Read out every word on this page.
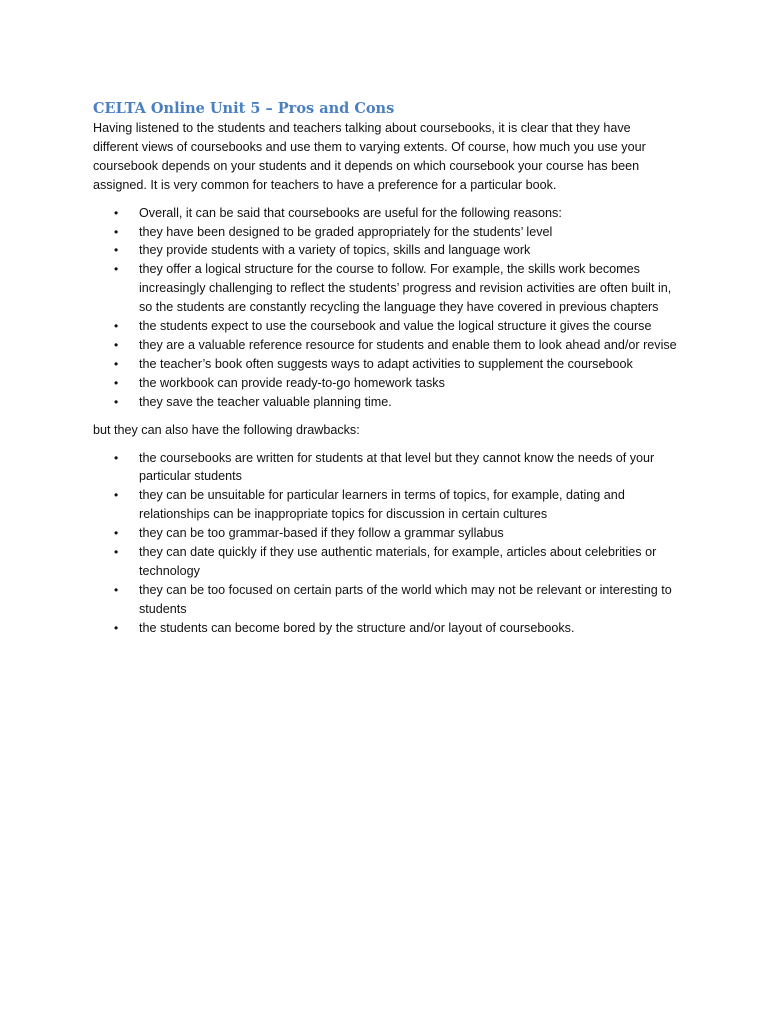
CELTA Online Unit 5 – Pros and Cons

Having listened to the students and teachers talking about coursebooks, it is clear that they have different views of coursebooks and use them to varying extents. Of course, how much you use your coursebook depends on your students and it depends on which coursebook your course has been assigned. It is very common for teachers to have a preference for a particular book.

• Overall, it can be said that coursebooks are useful for the following reasons:
• they have been designed to be graded appropriately for the students’ level
• they provide students with a variety of topics, skills and language work
• they offer a logical structure for the course to follow. For example, the skills work becomes increasingly challenging to reflect the students’ progress and revision activities are often built in, so the students are constantly recycling the language they have covered in previous chapters
• the students expect to use the coursebook and value the logical structure it gives the course
• they are a valuable reference resource for students and enable them to look ahead and/or revise
• the teacher’s book often suggests ways to adapt activities to supplement the coursebook
• the workbook can provide ready-to-go homework tasks
• they save the teacher valuable planning time.

but they can also have the following drawbacks:

• the coursebooks are written for students at that level but they cannot know the needs of your particular students
• they can be unsuitable for particular learners in terms of topics, for example, dating and relationships can be inappropriate topics for discussion in certain cultures
• they can be too grammar-based if they follow a grammar syllabus
• they can date quickly if they use authentic materials, for example, articles about celebrities or technology
• they can be too focused on certain parts of the world which may not be relevant or interesting to students
• the students can become bored by the structure and/or layout of coursebooks.
